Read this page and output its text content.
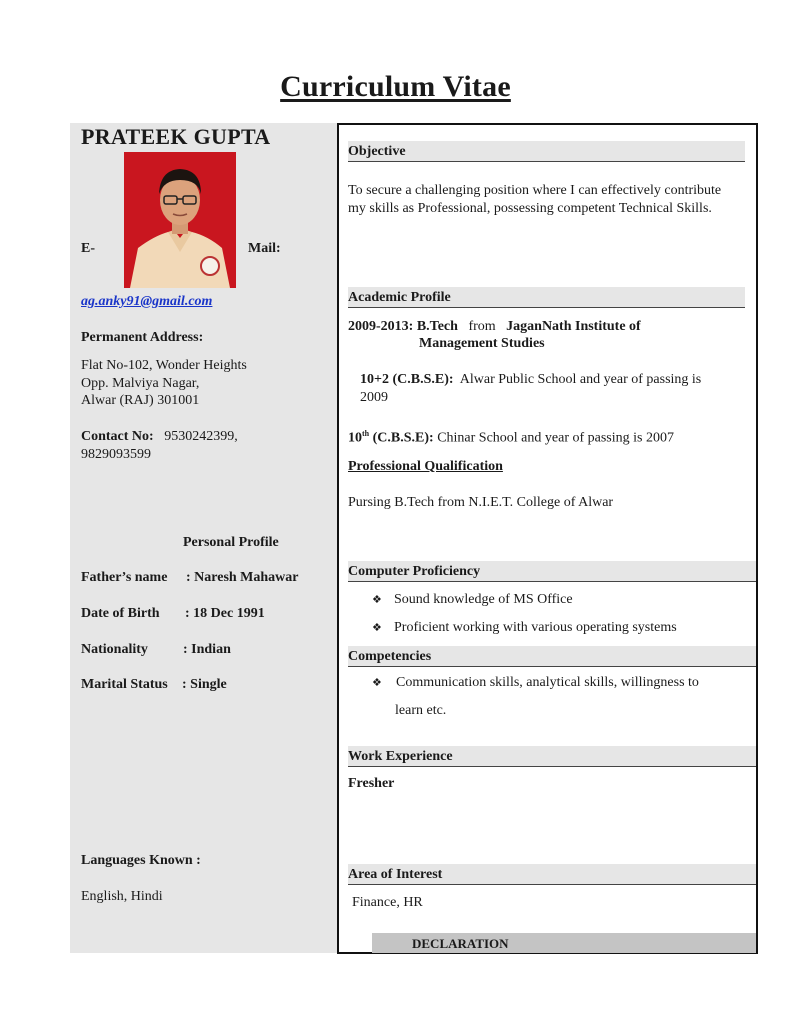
Curriculum Vitae
PRATEEK GUPTA
E-	Mail:
ag.anky91@gmail.com
Permanent Address:
Flat No-102, Wonder Heights
Opp. Malviya Nagar,
Alwar (RAJ) 301001
Contact No: 9530242399,
9829093599
Personal Profile
Father’s name : Naresh Mahawar
Date of Birth : 18 Dec 1991
Nationality	: Indian
Marital Status : Single
Languages Known :
English, Hindi
Objective
To secure a challenging position where I can effectively contribute my skills as Professional, possessing competent Technical Skills.
Academic Profile
2009-2013: B.Tech from JaganNath Institute of
Management Studies
10+2 (C.B.S.E): Alwar Public School and year of passing is
2009
10th (C.B.S.E): Chinar School and year of passing is 2007
Professional Qualification
Pursing B.Tech from N.I.E.T. College of Alwar
Computer Proficiency
❖ Sound knowledge of MS Office
❖ Proficient working with various operating systems
Competencies
❖ Communication skills, analytical skills, willingness to
learn etc.
Work Experience
Fresher
Area of Interest
Finance, HR
DECLARATION
